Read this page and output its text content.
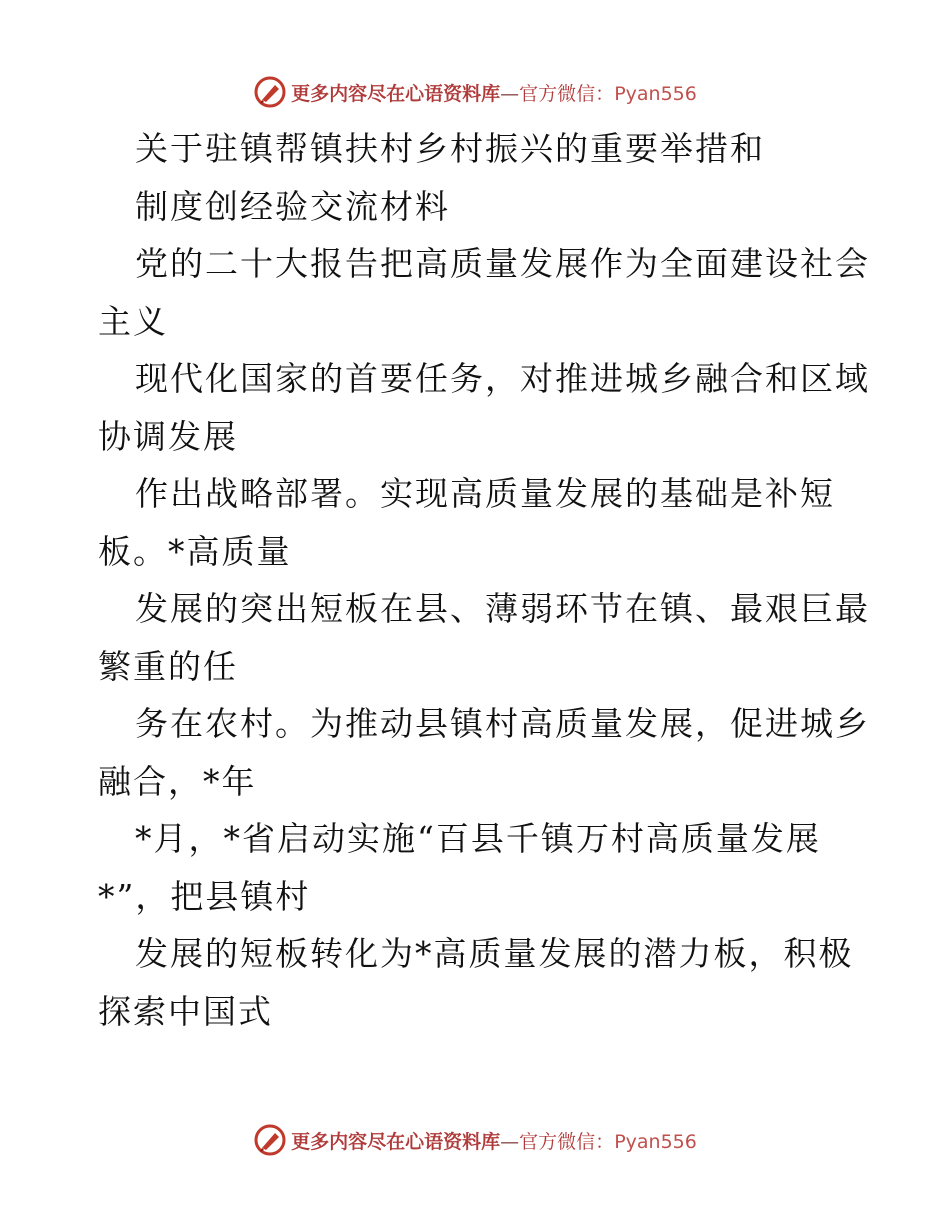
更多内容尽在心语资料库—官方微信：Pyan556
关于驻镇帮镇扶村乡村振兴的重要举措和
制度创经验交流材料
党的二十大报告把高质量发展作为全面建设社会
主义
现代化国家的首要任务，对推进城乡融合和区域
协调发展
作出战略部署。实现高质量发展的基础是补短
板。*高质量
发展的突出短板在县、薄弱环节在镇、最艰巨最
繁重的任
务在农村。为推动县镇村高质量发展，促进城乡
融合，*年
*月，*省启动实施“百县千镇万村高质量发展
*”，把县镇村
发展的短板转化为*高质量发展的潜力板，积极
探索中国式
更多内容尽在心语资料库—官方微信：Pyan556
